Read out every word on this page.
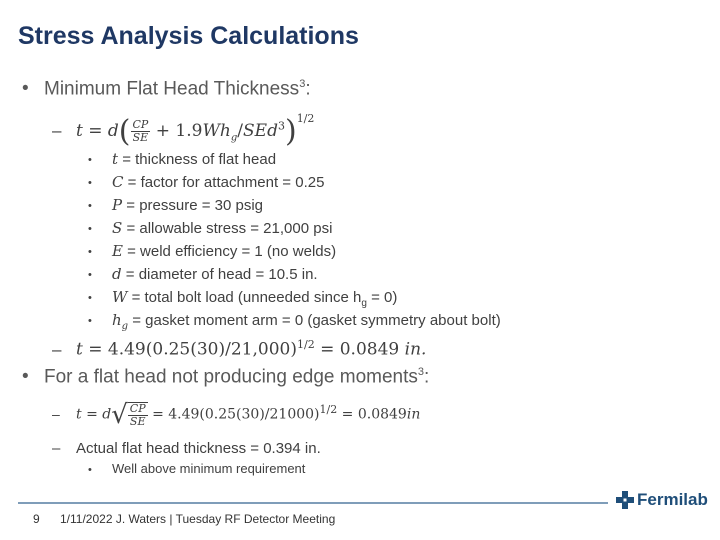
Stress Analysis Calculations
• Minimum Flat Head Thickness$^3$:
– $t = d( \frac{CP}{SE} + 1.9Wh_g/SEd^3)^{1/2}$
• t = thickness of flat head
• C = factor for attachment = 0.25
• P = pressure = 30 psig
• S = allowable stress = 21,000 psi
• E = weld efficiency = 1 (no welds)
• d = diameter of head = 10.5 in.
• W = total bolt load (unneeded since $h_g = 0$)
• $h_g$ = gasket moment arm = 0 (gasket symmetry about bolt)
– $t = 4.49(0.25(30)/21,000)^{1/2} = 0.0849$ in.
• For a flat head not producing edge moments$^3$:
– $t = d√ \frac{CP}{SE} = 4.49(0.25(30)/21000)^{1/2} = 0.0849in$
– Actual flat head thickness = 0.394 in.
• Well above minimum requirement
9 1/11/2022 J. Waters | Tuesday RF Detector Meeting
Fermilab
